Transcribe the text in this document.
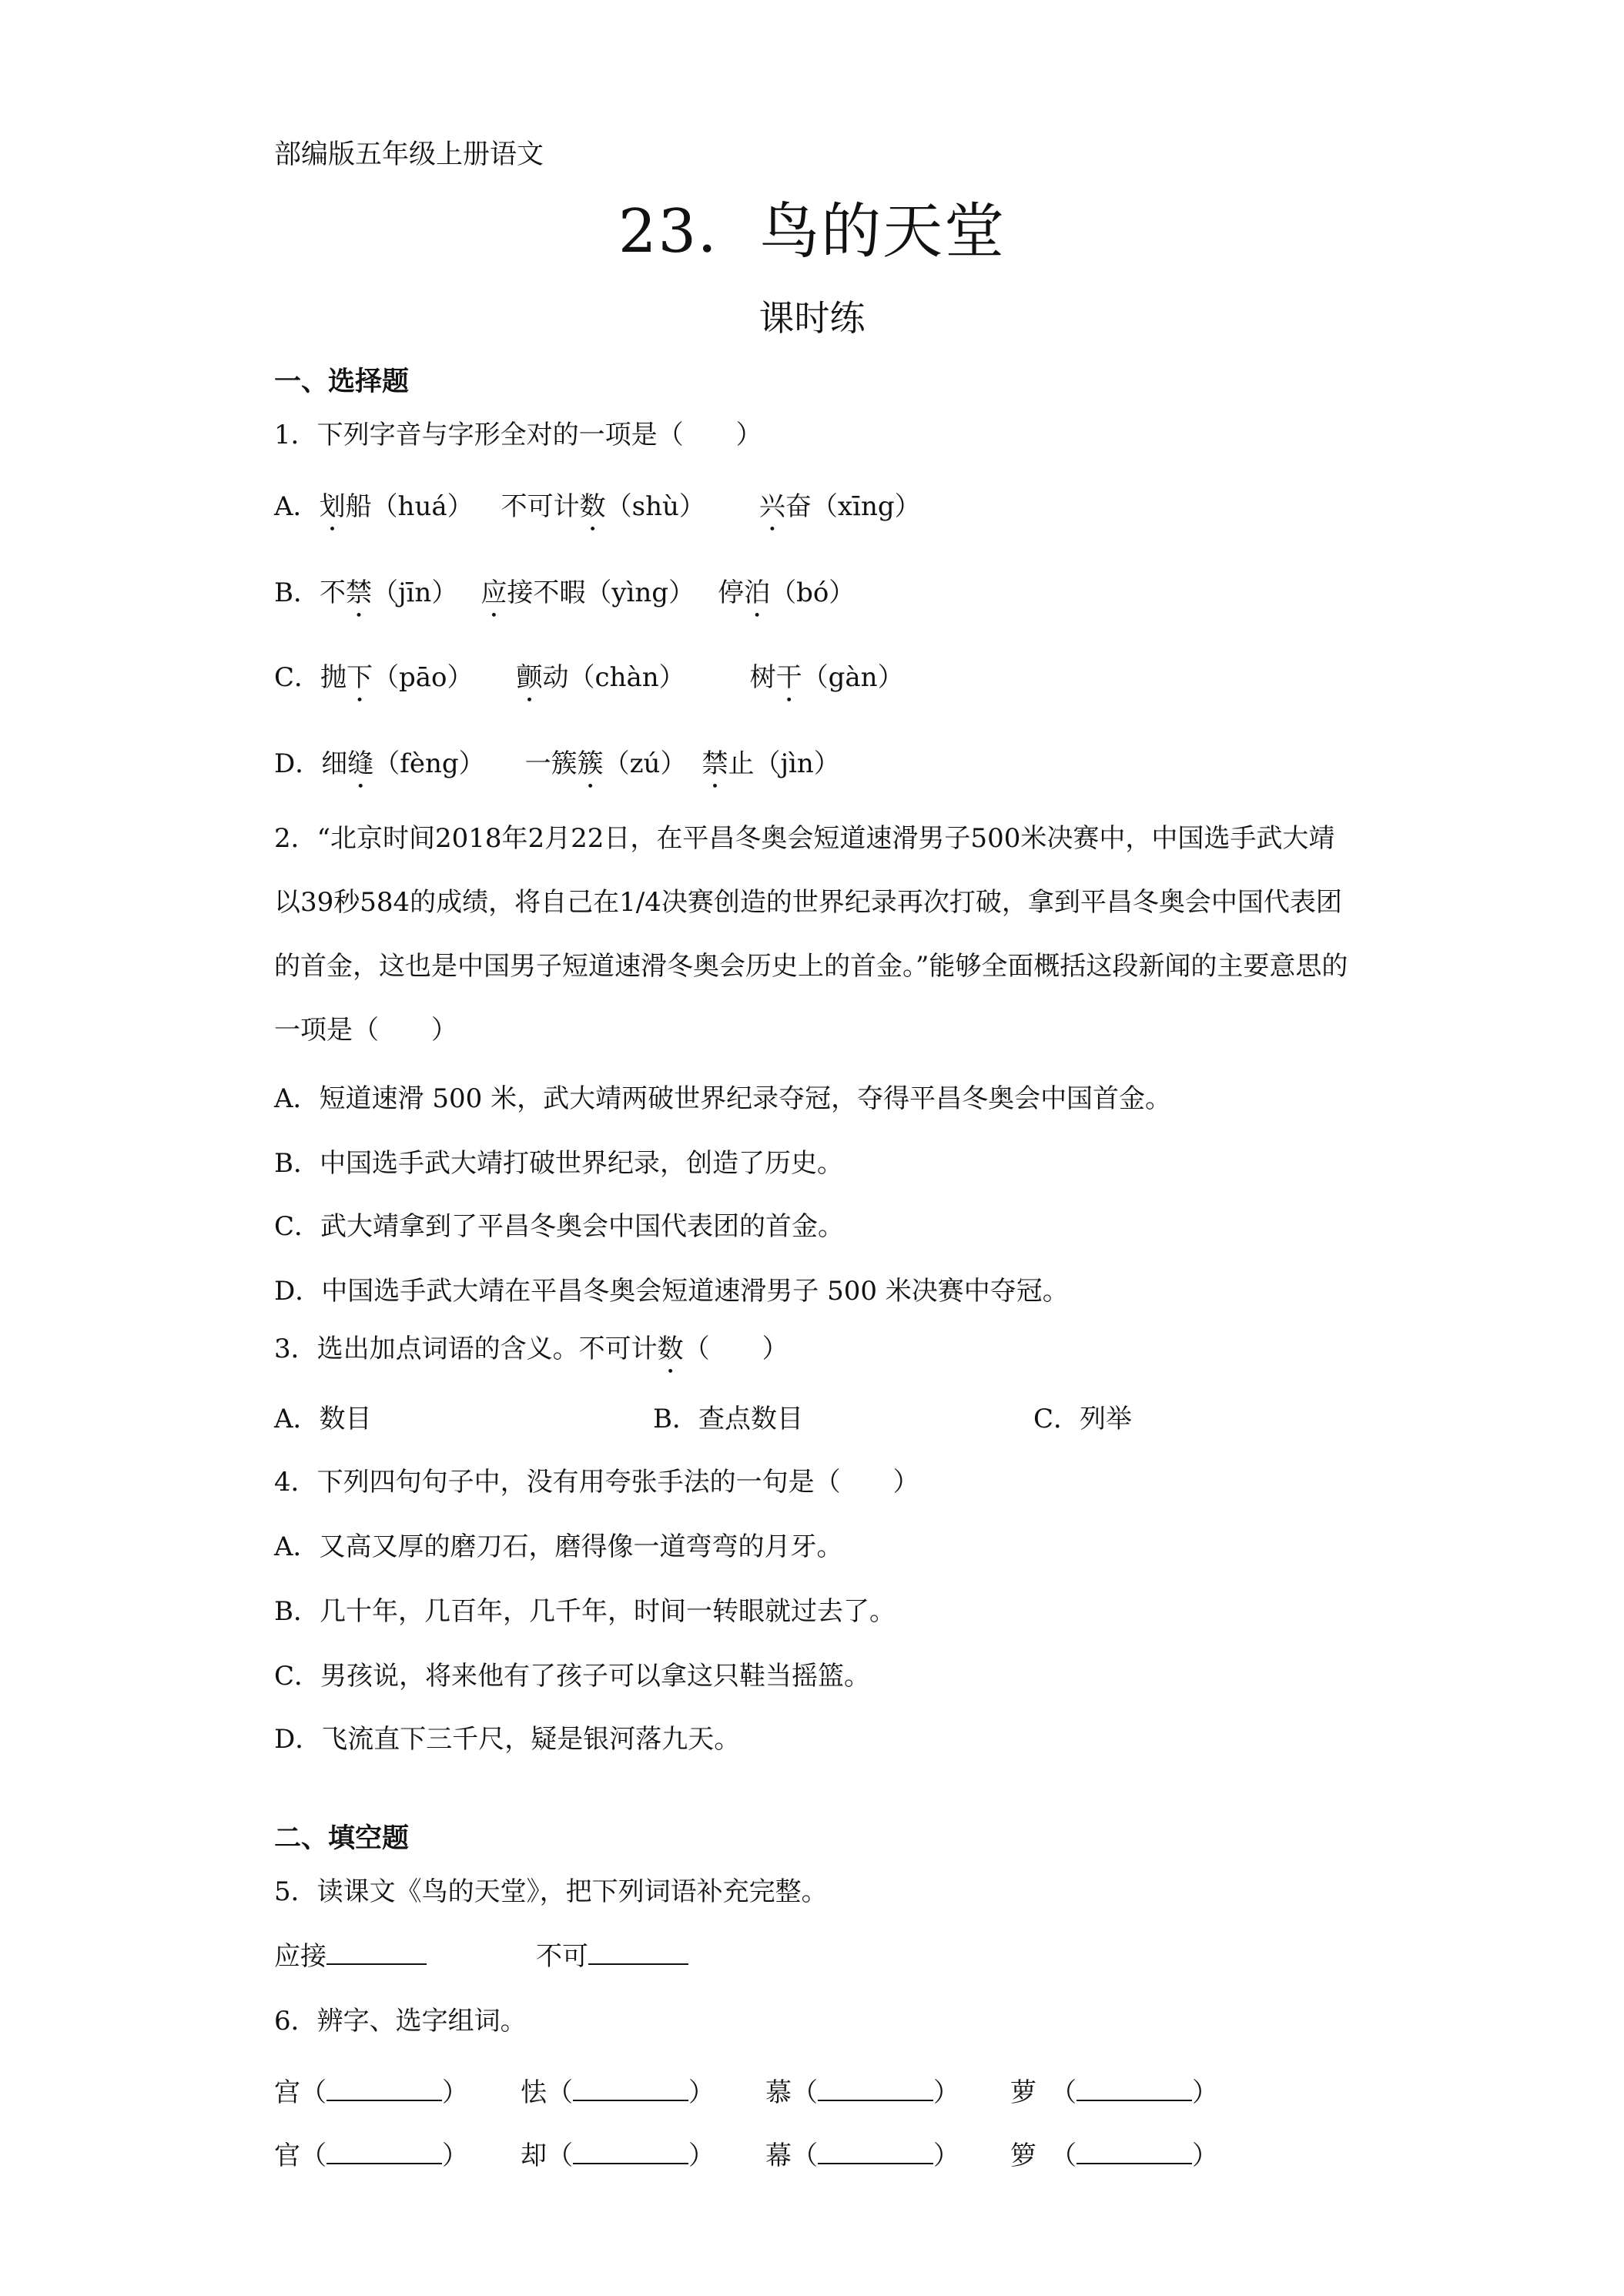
部编版五年级上册语文
23．鸟的天堂
课时练
一、选择题
1．下列字音与字形全对的一项是（　　）
A．划船（huá） 不可计数（shù） 兴奋（xīng）
B．不禁（jīn） 应接不暇（yìng） 停泊（bó）
C．抛下（pāo） 颤动（chàn） 树干（gàn）
D．细缝（fèng） 一簇簇（zú） 禁止（jìn）
2．“北京时间2018年2月22日，在平昌冬奥会短道速滑男子500米决赛中，中国选手武大靖以39秒584的成绩，将自己在1/4决赛创造的世界纪录再次打破，拿到平昌冬奥会中国代表团的首金，这也是中国男子短道速滑冬奥会历史上的首金。”能够全面概括这段新闻的主要意思的一项是（　　）
A．短道速滑 500 米，武大靖两破世界纪录夺冠，夺得平昌冬奥会中国首金。
B．中国选手武大靖打破世界纪录，创造了历史。
C．武大靖拿到了平昌冬奥会中国代表团的首金。
D．中国选手武大靖在平昌冬奥会短道速滑男子 500 米决赛中夺冠。
3．选出加点词语的含义。不可计数（　　）
A．数目	B．查点数目	C．列举
4．下列四句句子中，没有用夸张手法的一句是（　　）
A．又高又厚的磨刀石，磨得像一道弯弯的月牙。
B．几十年，几百年，几千年，时间一转眼就过去了。
C．男孩说，将来他有了孩子可以拿这只鞋当摇篮。
D．飞流直下三千尺，疑是银河落九天。
二、填空题
5．读课文《鸟的天堂》，把下列词语补充完整。
应接	不可
6．辨字、选字组词。
宫（	） 怯（	） 慕（	） 萝 （	）
官（	） 却（	） 幕（	） 箩 （	）
